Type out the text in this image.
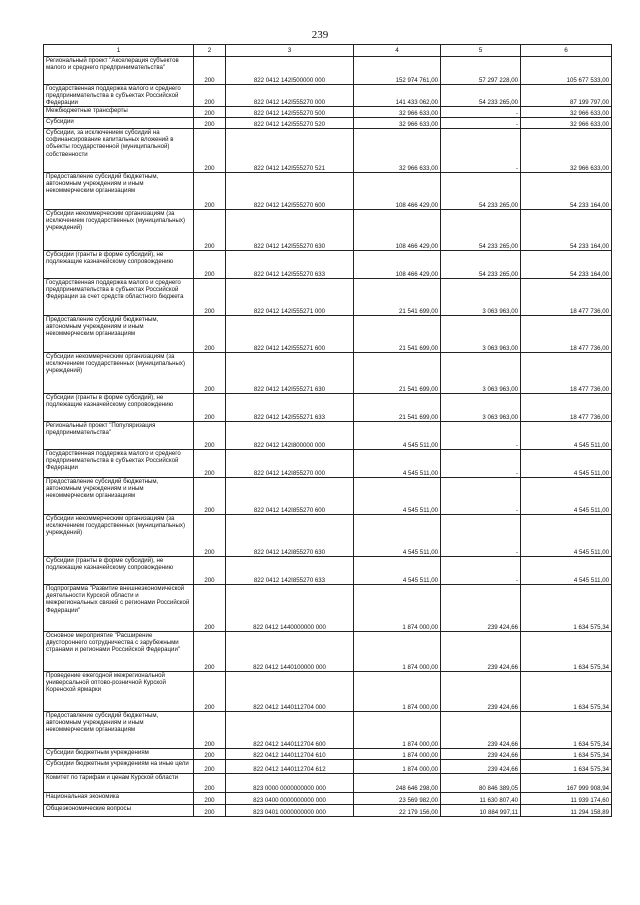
239
1	2	3	4	5	6
Региональный проект "Акселерация субъектов малого и среднего предпринимательства"	200	822 0412 142I500000 000	152 974 761,00	57 297 228,00	105 677 533,00
Государственная поддержка малого и среднего предпринимательства в субъектах Российской Федерации	200	822 0412 142I555270 000	141 433 062,00	54 233 265,00	87 199 797,00
Межбюджетные трансферты	200	822 0412 142I555270 500	32 966 633,00	-	32 966 633,00
Субсидии	200	822 0412 142I555270 520	32 966 633,00	-	32 966 633,00
Субсидии, за исключением субсидий на софинансирование капитальных вложений в объекты государственной (муниципальной) собственности	200	822 0412 142I555270 521	32 966 633,00	-	32 966 633,00
Предоставление субсидий бюджетным, автономным учреждениям и иным некоммерческим организациям	200	822 0412 142I555270 600	108 466 429,00	54 233 265,00	54 233 164,00
Субсидии некоммерческим организациям (за исключением государственных (муниципальных) учреждений)	200	822 0412 142I555270 630	108 466 429,00	54 233 265,00	54 233 164,00
Субсидии (гранты в форме субсидий), не подлежащие казначейскому сопровождению	200	822 0412 142I555270 633	108 466 429,00	54 233 265,00	54 233 164,00
Государственная поддержка малого и среднего предпринимательства в субъектах Российской Федерации за счет средств областного бюджета	200	822 0412 142I555271 000	21 541 699,00	3 063 963,00	18 477 736,00
Предоставление субсидий бюджетным, автономным учреждениям и иным некоммерческим организациям	200	822 0412 142I555271 600	21 541 699,00	3 063 963,00	18 477 736,00
Субсидии некоммерческим организациям (за исключением государственных (муниципальных) учреждений)	200	822 0412 142I555271 630	21 541 699,00	3 063 963,00	18 477 736,00
Субсидии (гранты в форме субсидий), не подлежащие казначейскому сопровождению	200	822 0412 142I555271 633	21 541 699,00	3 063 963,00	18 477 736,00
Региональный проект "Популяризация предпринимательства"	200	822 0412 142I800000 000	4 545 511,00	-	4 545 511,00
Государственная поддержка малого и среднего предпринимательства в субъектах Российской Федерации	200	822 0412 142I855270 000	4 545 511,00	-	4 545 511,00
Предоставление субсидий бюджетным, автономным учреждениям и иным некоммерческим организациям	200	822 0412 142I855270 600	4 545 511,00	-	4 545 511,00
Субсидии некоммерческим организациям (за исключением государственных (муниципальных) учреждений)	200	822 0412 142I855270 630	4 545 511,00	-	4 545 511,00
Субсидии (гранты в форме субсидий), не подлежащие казначейскому сопровождению	200	822 0412 142I855270 633	4 545 511,00	-	4 545 511,00
Подпрограмма "Развитие внешнеэкономической деятельности Курской области и межрегиональных связей с регионами Российской Федерации"	200	822 0412 1440000000 000	1 874 000,00	239 424,66	1 634 575,34
Основное мероприятие "Расширение двустороннего сотрудничества с зарубежными странами и регионами Российской Федерации"	200	822 0412 1440100000 000	1 874 000,00	239 424,66	1 634 575,34
Проведение ежегодной межрегиональной универсальной оптово-розничной Курской Коренской ярмарки	200	822 0412 1440112704 000	1 874 000,00	239 424,66	1 634 575,34
Предоставление субсидий бюджетным, автономным учреждениям и иным некоммерческим организациям	200	822 0412 1440112704 600	1 874 000,00	239 424,66	1 634 575,34
Субсидии бюджетным учреждениям	200	822 0412 1440112704 610	1 874 000,00	239 424,66	1 634 575,34
Субсидии бюджетным учреждениям на иные цели	200	822 0412 1440112704 612	1 874 000,00	239 424,66	1 634 575,34
Комитет по тарифам и ценам Курской области	200	823 0000 0000000000 000	248 646 298,00	80 846 389,05	167 999 908,94
Национальная экономика	200	823 0400 0000000000 000	23 569 982,00	11 630 807,40	11 939 174,60
Общеэкономические вопросы	200	823 0401 0000000000 000	22 179 156,00	10 884 997,11	11 294 158,89
